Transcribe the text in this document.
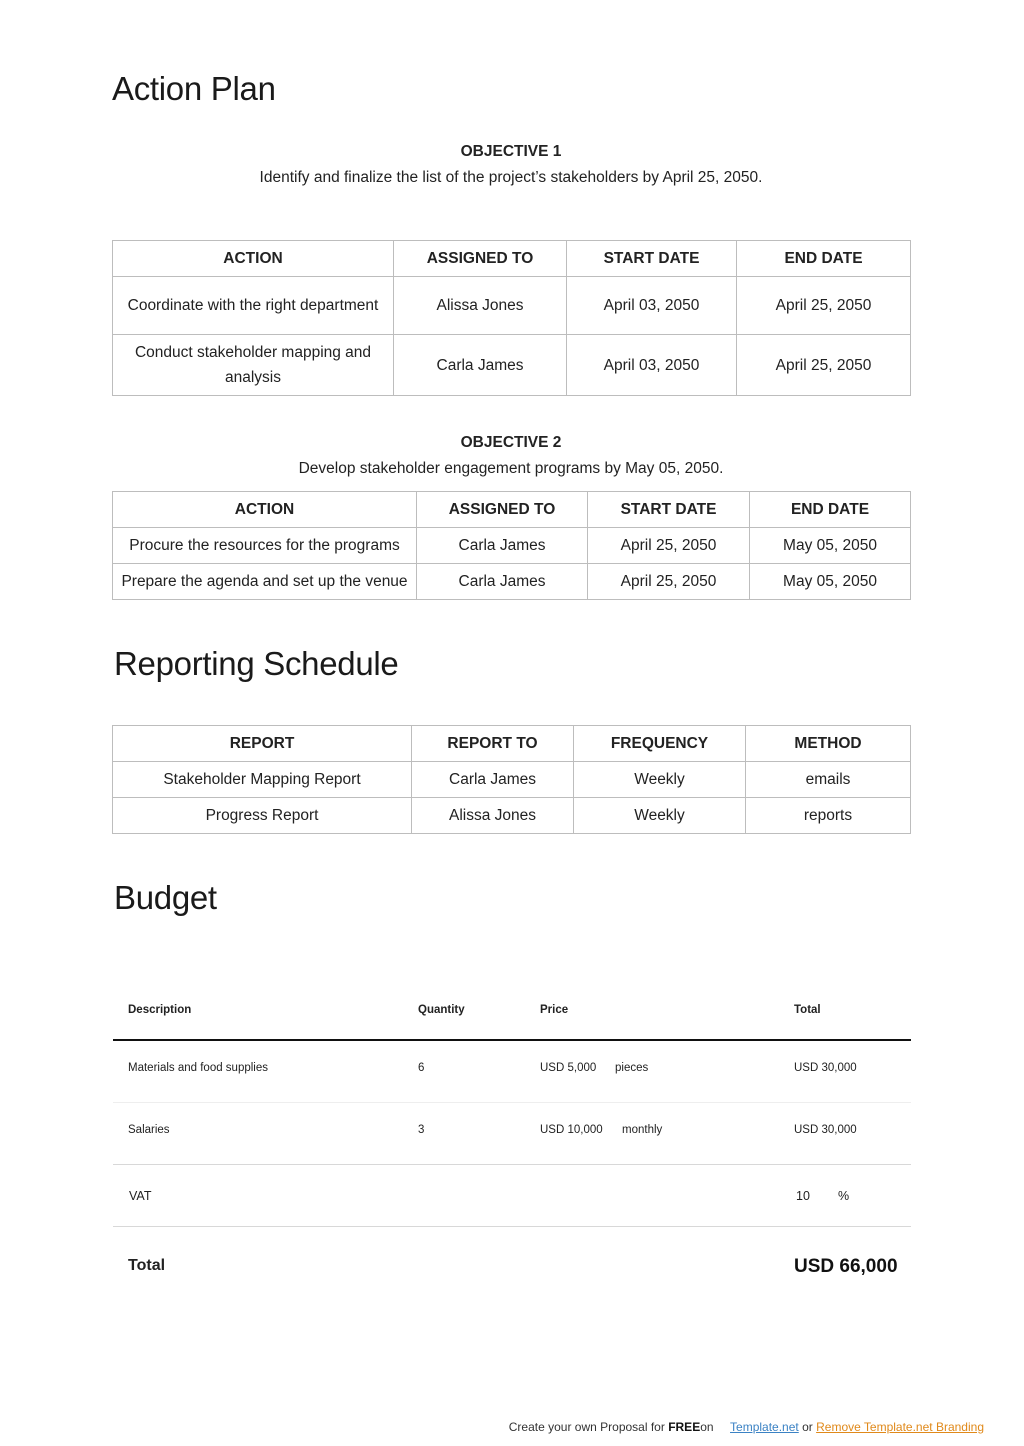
Action Plan
OBJECTIVE 1
Identify and finalize the list of the project’s stakeholders by April 25, 2050.
ACTION	ASSIGNED TO	START DATE	END DATE
Coordinate with the right department	Alissa Jones	April 03, 2050	April 25, 2050
Conduct stakeholder mapping and analysis	Carla James	April 03, 2050	April 25, 2050
OBJECTIVE 2
Develop stakeholder engagement programs by May 05, 2050.
ACTION	ASSIGNED TO	START DATE	END DATE
Procure the resources for the programs	Carla James	April 25, 2050	May 05, 2050
Prepare the agenda and set up the venue	Carla James	April 25, 2050	May 05, 2050
Reporting Schedule
REPORT	REPORT TO	FREQUENCY	METHOD
Stakeholder Mapping Report	Carla James	Weekly	emails
Progress Report	Alissa Jones	Weekly	reports
Budget
Description	Quantity	Price	Total
Materials and food supplies	6	USD 5,000 pieces	USD 30,000
Salaries	3	USD 10,000 monthly	USD 30,000
VAT	10 %
Total	USD 66,000
Create your own Proposal for FREEon Template.net or Remove Template.net Branding
